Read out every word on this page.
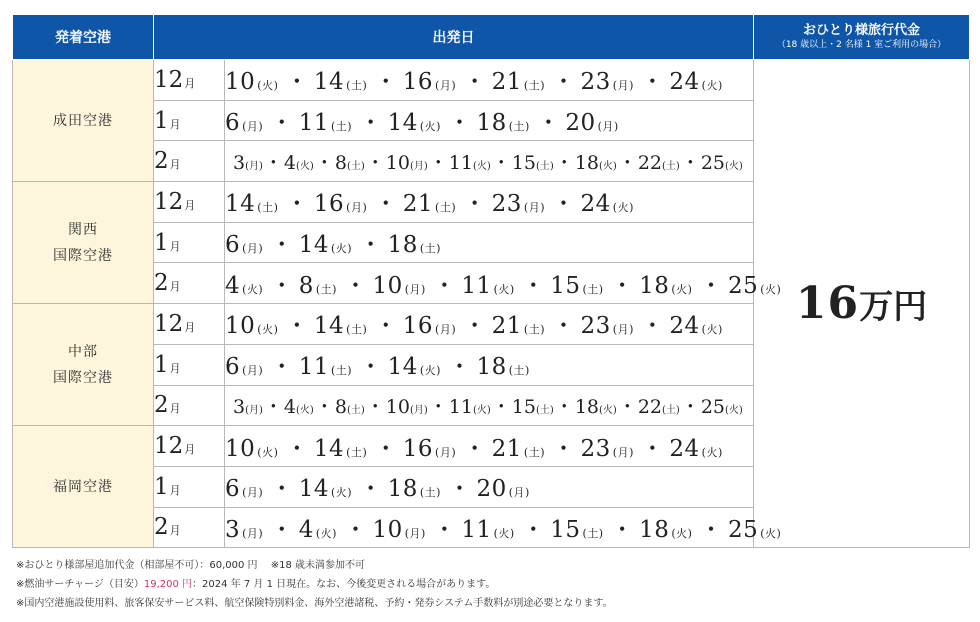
発着空港	出発日		おひとり様旅行代金
（18 歳以上・2 名様 1 室ご利用の場合）

成田空港	12月	10 (火) ・ 14 (土) ・ 16 (月) ・ 21 (土) ・ 23 (月) ・ 24 (火)	16万円
	1月	6 (月) ・ 11 (土) ・ 14 (火) ・ 18 (土) ・ 20 (月)	
	2月	3(月)・4(火)・8(土)・10(月)・11(火)・15(土)・18(火)・22(土)・25(火)	

関西
国際空港	12月	14 (土) ・ 16 (月) ・ 21 (土) ・ 23 (月) ・ 24 (火)	
	1月	6 (月) ・ 14 (火) ・ 18 (土)	
	2月	4 (火) ・ 8 (土) ・ 10 (月) ・ 11 (火) ・ 15 (土) ・ 18 (火) ・ 25 (火)	

中部
国際空港	12月	10 (火) ・ 14 (土) ・ 16 (月) ・ 21 (土) ・ 23 (月) ・ 24 (火)	
	1月	6 (月) ・ 11 (土) ・ 14 (火) ・ 18 (土)	
	2月	3(月)・4(火)・8(土)・10(月)・11(火)・15(土)・18(火)・22(土)・25(火)	

福岡空港	12月	10 (火) ・ 14 (土) ・ 16 (月) ・ 21 (土) ・ 23 (月) ・ 24 (火)	
	1月	6 (月) ・ 14 (火) ・ 18 (土) ・ 20 (月)	
	2月	3 (月) ・ 4 (火) ・ 10 (月) ・ 11 (火) ・ 15 (土) ・ 18 (火) ・ 25 (火)	
※おひとり様部屋追加代金（相部屋不可）：60,000 円　 ※18 歳未満参加不可
※燃油サーチャージ（目安）19,200 円：2024 年 7 月 1 日現在。なお、今後変更される場合があります。
※国内空港施設使用料、旅客保安サービス料、航空保険特別料金、海外空港諸税、予約・発券システム手数料が別途必要となります。
